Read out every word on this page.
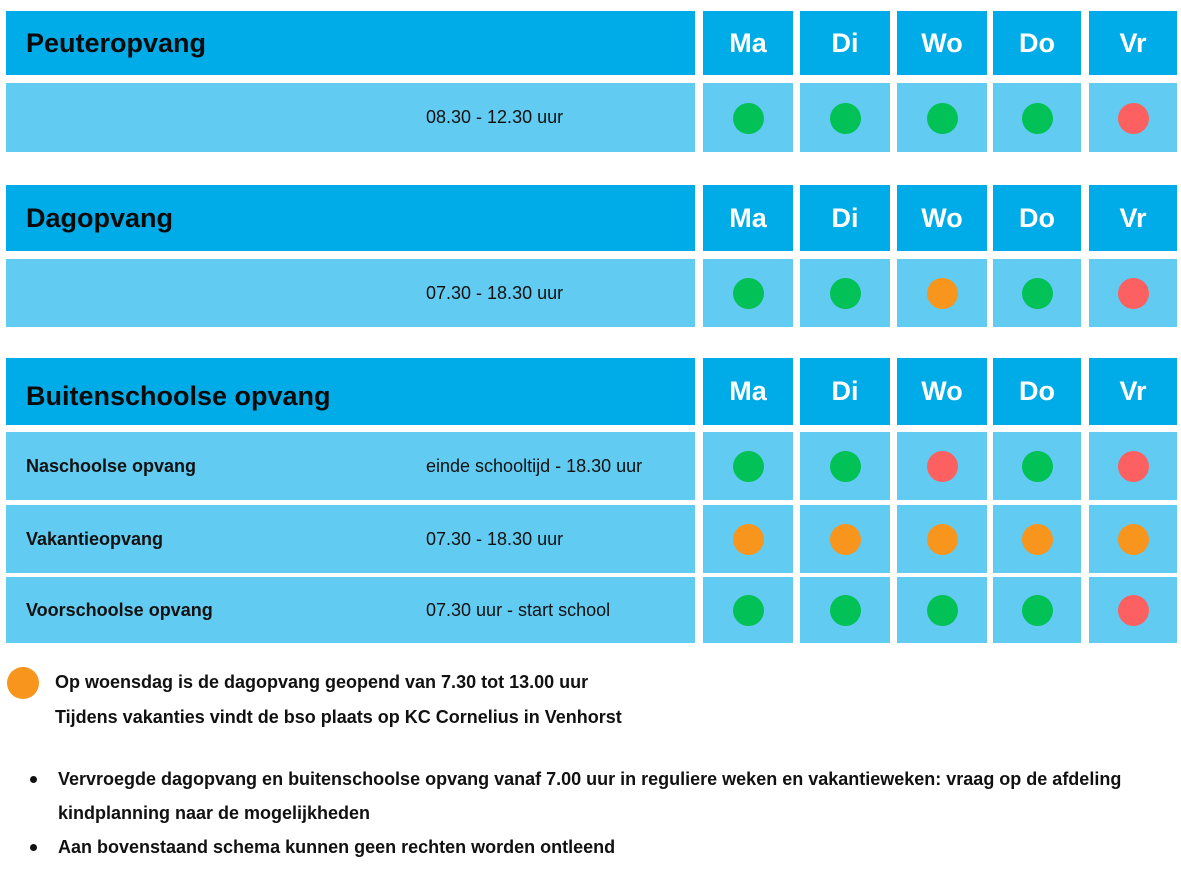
Peuteropvang	Ma	Di	Wo	Do	Vr
08.30 - 12.30 uur
Dagopvang	Ma	Di	Wo	Do	Vr
07.30 - 18.30 uur
Buitenschoolse opvang	Ma	Di	Wo	Do	Vr
Naschoolse opvang	einde schooltijd - 18.30 uur
Vakantieopvang	07.30 - 18.30 uur
Voorschoolse opvang	07.30 uur - start school
Op woensdag is de dagopvang geopend van 7.30 tot 13.00 uur
Tijdens vakanties vindt de bso plaats op KC Cornelius in Venhorst
Vervroegde dagopvang en buitenschoolse opvang vanaf 7.00 uur in reguliere weken en vakantieweken: vraag op de afdeling kindplanning naar de mogelijkheden
Aan bovenstaand schema kunnen geen rechten worden ontleend
